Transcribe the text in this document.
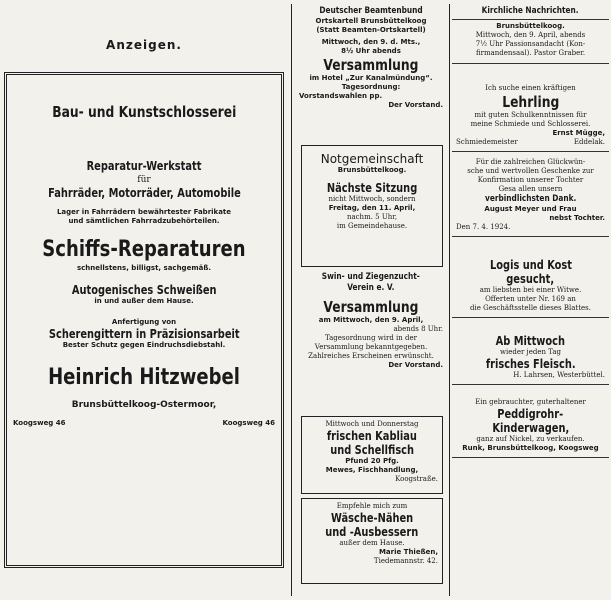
Anzeigen.
Bau- und Kunstschlosserei
Reparatur-Werkstatt
für
Fahrräder, Motorräder, Automobile
Lager in Fahrrädern bewährtester Fabrikate
und sämtlichen Fahrradzubehörteilen.
Schiffs-Reparaturen
schnellstens, billigst, sachgemäß.
Autogenisches Schweißen
in und außer dem Hause.
Anfertigung von
Scherengittern in Präzisionsarbeit
Bester Schutz gegen Eindruchsdiebstahl.
Heinrich Hitzwebel
Brunsbüttelkoog-Ostermoor,
Koogsweg 46	Koogsweg 46
Deutscher Beamtenbund
Ortskartell Brunsbüttelkoog
(Statt Beamten-Ortskartell)
Mittwoch, den 9. d. Mts.,
8½ Uhr abends
Versammlung
im Hotel „Zur Kanalmündung“.
Tagesordnung:
Vorstandswahlen pp.
Der Vorstand.
Notgemeinschaft
Brunsbüttelkoog.
Nächste Sitzung
nicht Mittwoch, sondern
Freitag, den 11. April,
nachm. 5 Uhr,
im Gemeindehause.
Swin- und Ziegenzucht-
Verein e. V.
Versammlung
am Mittwoch, den 9. April,
abends 8 Uhr.
Tagesordnung wird in der
Versammlung bekanntgegeben.
Zahlreiches Erscheinen erwünscht.
Der Vorstand.
Mittwoch und Donnerstag
frischen Kabliau
und Schellfisch
Pfund 20 Pfg.
Mewes, Fischhandlung,
Koogstraße.
Empfehle mich zum
Wäsche-Nähen
und -Ausbessern
außer dem Hause.
Marie Thießen,
Tiedemannstr. 42.
Kirchliche Nachrichten.
Brunsbüttelkoog.
Mittwoch, den 9. April, abends
7½ Uhr Passionsandacht (Kon-
firmandensaal). Pastor Graber.
Ich suche einen kräftigen
Lehrling
mit guten Schulkenntnissen für
meine Schmiede und Schlosserei.
Ernst Mügge,
Schmiedemeister	Eddelak.
Für die zahlreichen Glückwün-
sche und wertvollen Geschenke zur
Konfirmation unserer Tochter
Gesa allen unsern
verbindlichsten Dank.
August Meyer und Frau
nebst Tochter.
Den 7. 4. 1924.
Logis und Kost
gesucht,
am liebsten bei einer Witwe.
Offerten unter Nr. 169 an
die Geschäftsstelle dieses Blattes.
Ab Mittwoch
wieder jeden Tag
frisches Fleisch.
H. Lahrsen, Westerbüttel.
Ein gebrauchter, guterhaltener
Peddigrohr-
Kinderwagen,
ganz auf Nickel, zu verkaufen.
Runk, Brunsbüttelkoog, Koogsweg
